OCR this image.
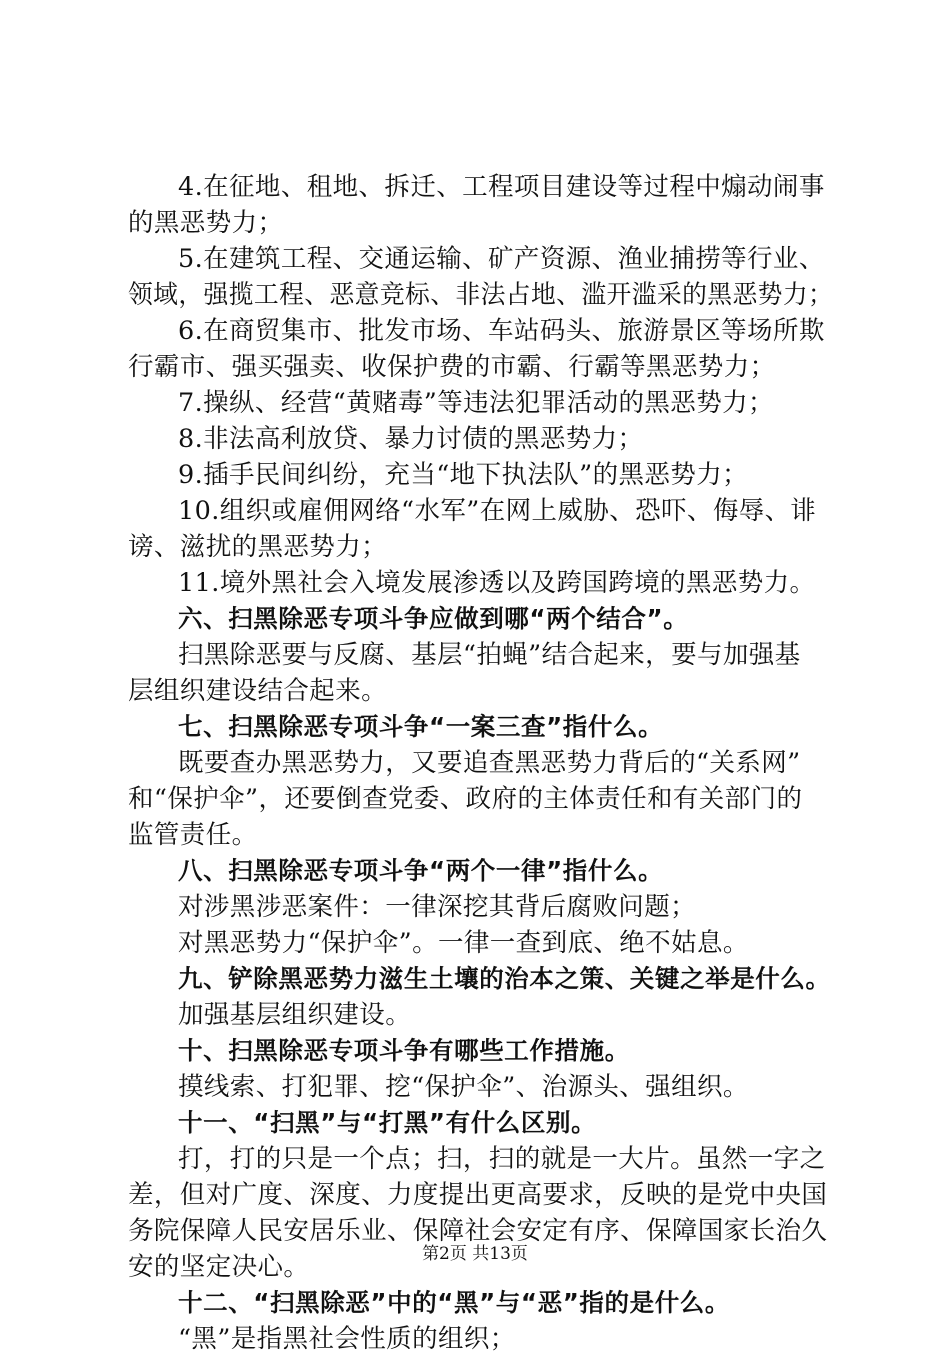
4.在征地、租地、拆迁、工程项目建设等过程中煽动闹事
的黑恶势力；
5.在建筑工程、交通运输、矿产资源、渔业捕捞等行业、
领域，强揽工程、恶意竞标、非法占地、滥开滥采的黑恶势力；
6.在商贸集市、批发市场、车站码头、旅游景区等场所欺
行霸市、强买强卖、收保护费的市霸、行霸等黑恶势力；
7.操纵、经营“黄赌毒”等违法犯罪活动的黑恶势力；
8.非法高利放贷、暴力讨债的黑恶势力；
9.插手民间纠纷，充当“地下执法队”的黑恶势力；
10.组织或雇佣网络“水军”在网上威胁、恐吓、侮辱、诽
谤、滋扰的黑恶势力；
11.境外黑社会入境发展渗透以及跨国跨境的黑恶势力。
六、扫黑除恶专项斗争应做到哪“两个结合”。
扫黑除恶要与反腐、基层“拍蝇”结合起来，要与加强基
层组织建设结合起来。
七、扫黑除恶专项斗争“一案三查”指什么。
既要查办黑恶势力，又要追查黑恶势力背后的“关系网”
和“保护伞”，还要倒查党委、政府的主体责任和有关部门的
监管责任。
八、扫黑除恶专项斗争“两个一律”指什么。
对涉黑涉恶案件：一律深挖其背后腐败问题；
对黑恶势力“保护伞”。一律一查到底、绝不姑息。
九、铲除黑恶势力滋生土壤的治本之策、关键之举是什么。
加强基层组织建设。
十、扫黑除恶专项斗争有哪些工作措施。
摸线索、打犯罪、挖“保护伞”、治源头、强组织。
十一、“扫黑”与“打黑”有什么区别。
打，打的只是一个点；扫，扫的就是一大片。虽然一字之
差，但对广度、深度、力度提出更高要求，反映的是党中央国
务院保障人民安居乐业、保障社会安定有序、保障国家长治久
安的坚定决心。
十二、“扫黑除恶”中的“黑”与“恶”指的是什么。
“黑”是指黑社会性质的组织；
第2页 共13页
